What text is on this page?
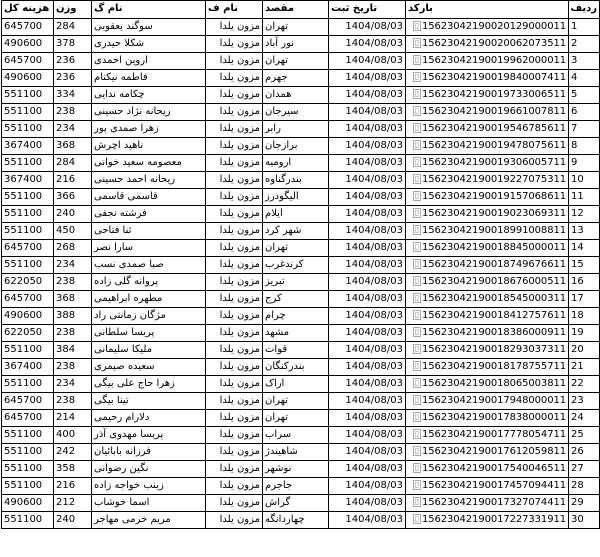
ردیف	بارکد	تاریخ ثبت	مقصد	نام ف	نام گ	وزن	هزینه کل
1	15623042190020129000011▯	1404/08/03	تهران	مزون یلدا	سوگند یعقوبی	284	645700
2	15623042190020062073511▯	1404/08/03	نور آباد	مزون یلدا	شکلا حیدری	378	490600
3	15623042190019962000011▯	1404/08/03	تهران	مزون یلدا	اروین احمدی	236	645700
4	15623042190019840007411▯	1404/08/03	جهرم	مزون یلدا	فاطمه نیکنام	236	490600
5	15623042190019733006511▯	1404/08/03	همدان	مزون یلدا	چکامه ندایی	334	551100
6	15623042190019661007811▯	1404/08/03	سیرجان	مزون یلدا	ریحانه نژاد حسینی	238	551100
7	15623042190019546785611▯	1404/08/03	رابر	مزون یلدا	زهرا صمدی پور	234	551100
8	15623042190019478075611▯	1404/08/03	برازجان	مزون یلدا	ناهید اچرش	368	367400
9	15623042190019306005711▯	1404/08/03	ارومیه	مزون یلدا	معصومه سعید خوانی	284	551100
10	15623042190019227075311▯	1404/08/03	بندرگناوه	مزون یلدا	ریحانه احمد حسینی	216	367400
11	15623042190019157068611▯	1404/08/03	الیگودرز	مزون یلدا	قاسمی قاسمی	366	551100
12	15623042190019023069311▯	1404/08/03	ایلام	مزون یلدا	فرشته نجفی	240	551100
13	15623042190018991008811▯	1404/08/03	شهر کرد	مزون یلدا	ثنا فتاحی	450	551100
14	15623042190018845000011▯	1404/08/03	تهران	مزون یلدا	سارا نصر	268	645700
15	15623042190018749676611▯	1404/08/03	کرندغرب	مزون یلدا	صبا صمدی نسب	234	551100
16	15623042190018676000511▯	1404/08/03	تبریز	مزون یلدا	پروانه گلی زاده	238	622050
17	15623042190018545000311▯	1404/08/03	کرج	مزون یلدا	مطهره ابراهیمی	368	645700
18	15623042190018412757611▯	1404/08/03	چرام	مزون یلدا	مژگان زمانتی راد	388	490600
19	15623042190018386000911▯	1404/08/03	مشهد	مزون یلدا	پریسا سلطانی	238	622050
20	15623042190018293037311▯	1404/08/03	قوات	مزون یلدا	ملیکا سلیمانی	384	551100
21	15623042190018178755711▯	1404/08/03	بندرکنگان	مزون یلدا	سعیده صیمری	238	367400
22	15623042190018065003811▯	1404/08/03	اراک	مزون یلدا	زهرا حاج علی بیگی	234	551100
23	15623042190017948000011▯	1404/08/03	تهران	مزون یلدا	تینا بیگی	238	645700
24	15623042190017838000011▯	1404/08/03	تهران	مزون یلدا	دلارام رحیمی	214	645700
25	15623042190017778054711▯	1404/08/03	سراب	مزون یلدا	پریسا مهدوی آذر	400	551100
26	15623042190017612059811▯	1404/08/03	شاهیندژ	مزون یلدا	فرزانه بابائیان	242	551100
27	15623042190017540046511▯	1404/08/03	نوشهر	مزون یلدا	نگین رضوانی	358	551100
28	15623042190017457094411▯	1404/08/03	جاجرم	مزون یلدا	زینب خواجه زاده	216	551100
29	15623042190017327074411▯	1404/08/03	گراش	مزون یلدا	اسما خوشاب	212	490600
30	15623042190017227331911▯	1404/08/03	چهاردانگه	مزون یلدا	مریم خرمی مهاجر	240	551100
